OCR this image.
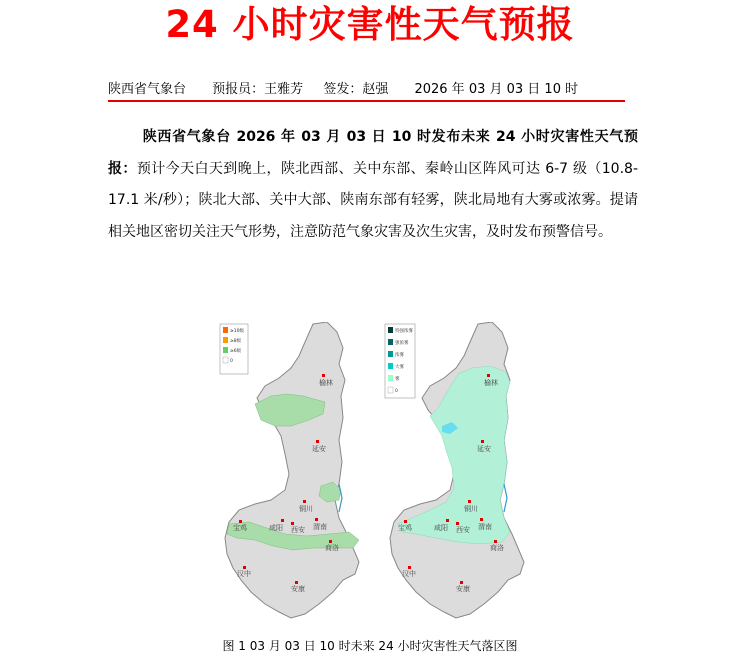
24 小时灾害性天气预报
陕西省气象台 预报员：王雅芳 签发：赵强 2026 年 03 月 03 日 10 时
陕西省气象台 2026 年 03 月 03 日 10 时发布未来 24 小时灾害性天气预报：预计今天白天到晚上，陕北西部、关中东部、秦岭山区阵风可达 6-7 级（10.8-17.1 米/秒）；陕北大部、关中大部、陕南东部有轻雾，陕北局地有大雾或浓雾。提请相关地区密切关注天气形势，注意防范气象灾害及次生灾害，及时发布预警信号。
≥10级
≥8级
≥6级
0
榆林
延安
铜川
渭南
宝鸡	咸阳 西安
商洛
汉中
安康
特强浓雾
强浓雾
浓雾
大雾
雾
0
榆林
延安
铜川
渭南
宝鸡	咸阳 西安
商洛
汉中
安康
图 1 03 月 03 日 10 时未来 24 小时灾害性天气落区图
